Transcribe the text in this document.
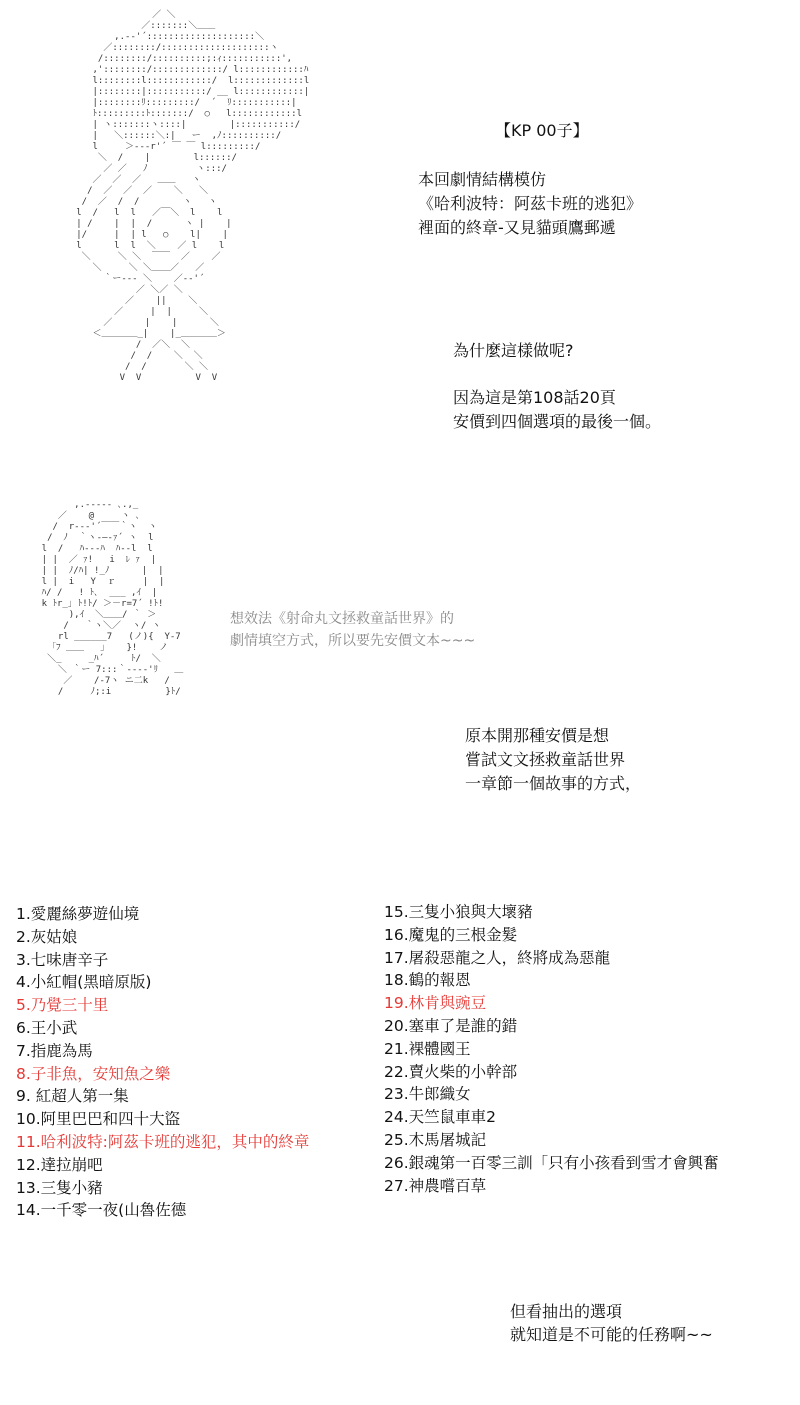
／ ＼
／:::::::＼＿＿
,.-‐'´::::::::::::::::::::＼
／::::::::/::::::::::::::::::::ヽ
/::::::::/::::::::::;:ｨ:::::::::::',
,'::::::::/:::::::::::::/ l::::::::::::ﾊ
l::::::::l::::::::::::/  l:::::::::::::l
|::::::::|:::::::::::/ __ l::::::::::::|
|::::::::ﾘ:::::::::/  ´  ﾘ:::::::::::|
ﾄ:::::::::ﾄ:::::::/  ○   l::::::::::::l
| ヽ:::::::ヽ::::|        |:::::::::::/
|   ＼::::::＼:|   ー  ,ﾉ::::::::::/
l     ＞‐-‐r'´ ￣ ￣ l:::::::::/
＼  /    |        l::::::/
／ ／   ﾉ         ヽ:::/
／  ／  ／   ＿＿   ヽ
/  ／  ／  ／    ＼   ＼
/  ／  /  /        ヽ   ヽ
l  /   l  l   ／￣＼  l    l
| /    |  |  /      ヽ |    |
|/     |  | l   ○    l|    |
l      l  l  ＼    ／ l    l
＼     ＼ ＼  ￣￣  ／    ／
＼     ＼ ＼＿＿／   ／
｀ー‐-‐ ＼    ／‐‐'´
／ ＼／ ＼
／    ||    ＼
／     |  |     ＼
／      |    |      ＼
＜＿＿＿＿_|    |_＿＿＿＿＞
/  ／＼  ＼
/  /    ＼  ＼
/  /       ＼ ＼
V  V          V  V
,.-‐‐‐- ､.,_
／    @     ヽ ､
/  r‐-‐'´￣￣｀ヽ  ヽ
/  ﾉ  ｀ヽ-―-ｧ´ ヽ  l
l  /   ﾊ--‐ﾊ  ﾊ--l  l
| |  ／ ｧ!   i  ﾚ ｧ  |
| |  ﾉ/ﾊ| !_ﾉ      |  |
l |  i   Y  ｒ     |  |
ﾊ/ /   ! ﾄ､  ___ ,ｲ  |
k ﾄr_｣ ﾄ!ﾄ/ ＞－r=7´ !ﾄ!
),ｲ  ＼＿＿/ ｀ ＞
/   ｀ヽ＼／  ヽ/ ヽ
rl ______7   (ノ){  Y-7
「ﾌ ＿＿   ｣    }!    ノ
＼_     _ﾊ´     ﾄ/  ＼
＼ ｀ー 7:::｀‐--‐'ﾘ   ＿
／    /-7ヽ ニ二k   /
/     ﾉ;:i          }ﾄ/
【KP 00子】
本回劇情結構模仿
《哈利波特：阿茲卡班的逃犯》
裡面的終章-又見貓頭鷹郵遞
為什麼這樣做呢?
因為這是第108話20頁
安價到四個選項的最後一個。
想效法《射命丸文拯救童話世界》的
劇情填空方式，所以要先安價文本~~~
原本開那種安價是想
嘗試文文拯救童話世界
一章節一個故事的方式，
1.愛麗絲夢遊仙境
2.灰姑娘
3.七味唐辛子
4.小紅帽(黑暗原版)
5.乃覺三十里
6.王小武
7.指鹿為馬
8.子非魚，安知魚之樂
9. 紅超人第一集
10.阿里巴巴和四十大盜
11.哈利波特:阿茲卡班的逃犯，其中的終章
12.達拉崩吧
13.三隻小豬
14.一千零一夜(山魯佐德
15.三隻小狼與大壞豬
16.魔鬼的三根金髮
17.屠殺惡龍之人，終將成為惡龍
18.鶴的報恩
19.林肯與豌豆
20.塞車了是誰的錯
21.裸體國王
22.賣火柴的小幹部
23.牛郎織女
24.天竺鼠車車2
25.木馬屠城記
26.銀魂第一百零三訓「只有小孩看到雪才會興奮
27.神農嚐百草
但看抽出的選項
就知道是不可能的任務啊~~
